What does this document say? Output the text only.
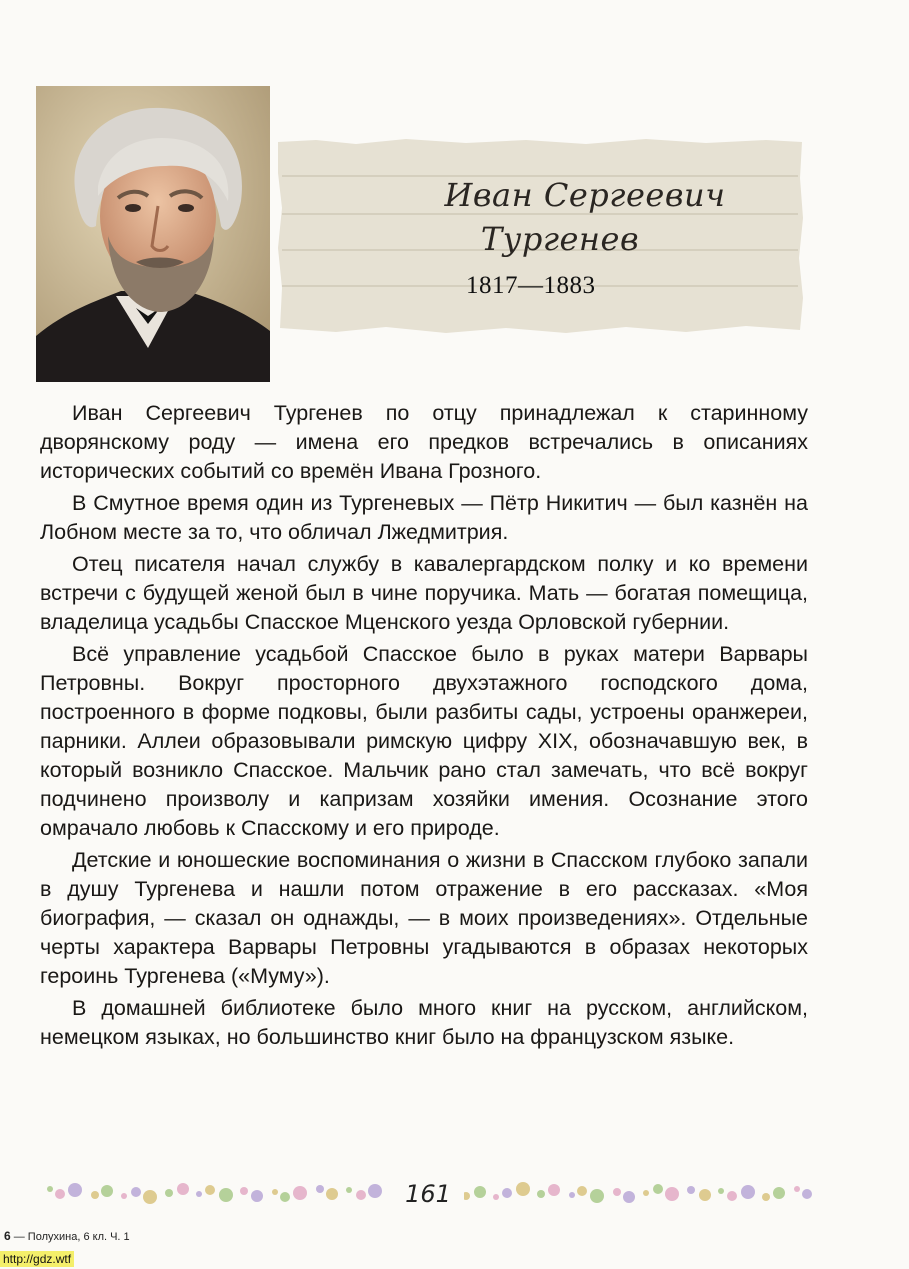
Иван Сергеевич
Тургенев
1817—1883

Иван Сергеевич Тургенев по отцу принадлежал к старинному дворянскому роду — имена его предков встречались в описаниях исторических событий со времён Ивана Грозного.

В Смутное время один из Тургеневых — Пётр Никитич — был казнён на Лобном месте за то, что обличал Лжедмитрия.

Отец писателя начал службу в кавалергардском полку и ко времени встречи с будущей женой был в чине поручика. Мать — богатая помещица, владелица усадьбы Спасское Мценского уезда Орловской губернии.

Всё управление усадьбой Спасское было в руках матери Варвары Петровны. Вокруг просторного двухэтажного господского дома, построенного в форме подковы, были разбиты сады, устроены оранжереи, парники. Аллеи образовывали римскую цифру XIX, обозначавшую век, в который возникло Спасское. Мальчик рано стал замечать, что всё вокруг подчинено произволу и капризам хозяйки имения. Осознание этого омрачало любовь к Спасскому и его природе.

Детские и юношеские воспоминания о жизни в Спасском глубоко запали в душу Тургенева и нашли потом отражение в его рассказах. «Моя биография, — сказал он однажды, — в моих произведениях». Отдельные черты характера Варвары Петровны угадываются в образах некоторых героинь Тургенева («Муму»).

В домашней библиотеке было много книг на русском, английском, немецком языках, но большинство книг было на французском языке.

161
6 — Полухина, 6 кл. Ч. 1
http://gdz.wtf
